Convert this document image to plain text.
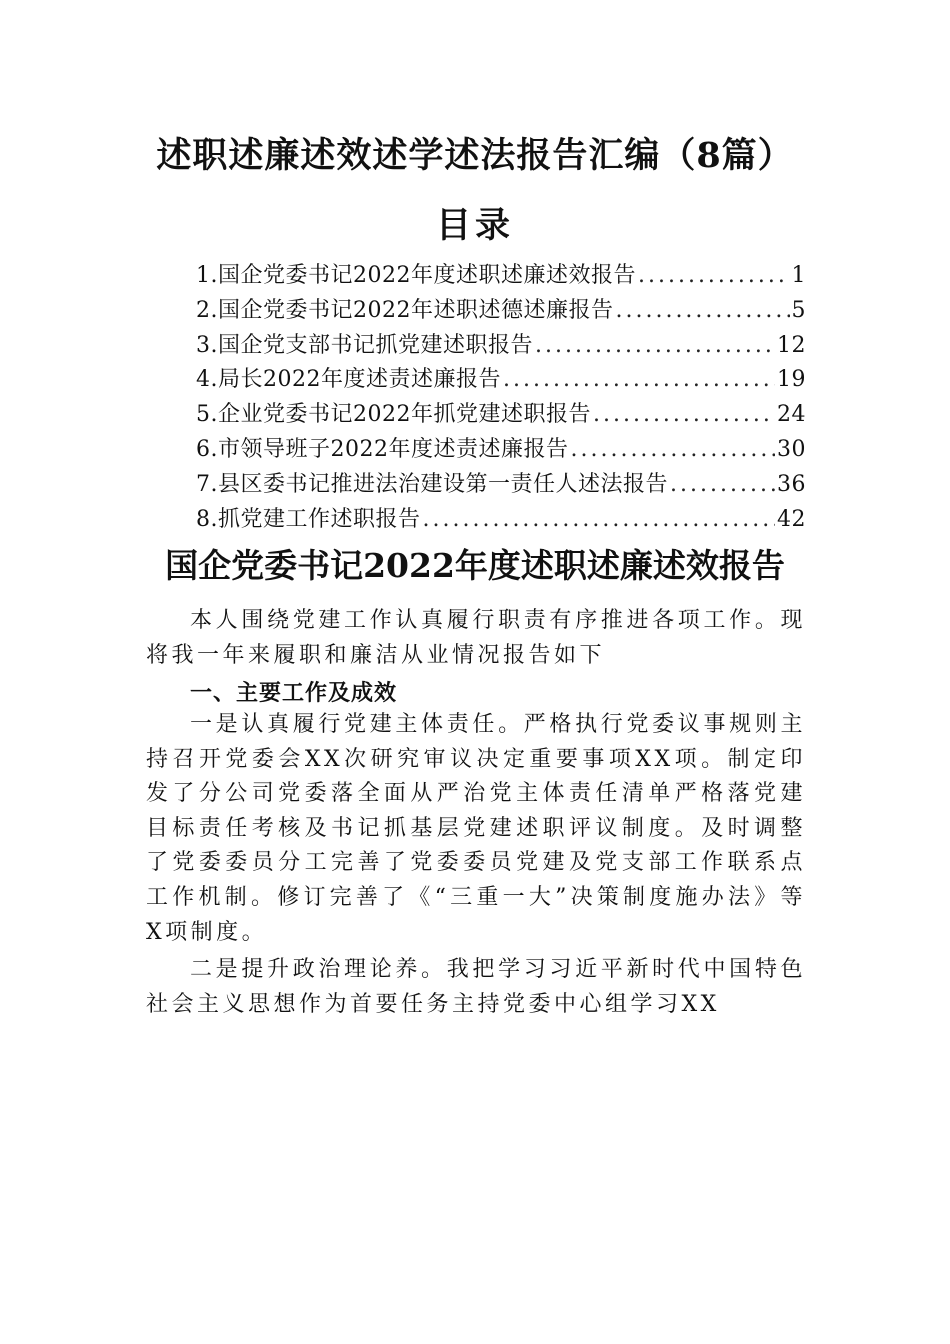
述职述廉述效述学述法报告汇编（8篇）
目录
1.国企党委书记2022年度述职述廉述效报告 .....	1
2.国企党委书记2022年述职述德述廉报告 .....	5
3.国企党支部书记抓党建述职报告 .....	12
4.局长2022年度述责述廉报告 .....	19
5.企业党委书记2022年抓党建述职报告 .....	24
6.市领导班子2022年度述责述廉报告 .....	30
7.县区委书记推进法治建设第一责任人述法报告 .....	36
8.抓党建工作述职报告 .....	42
国企党委书记2022年度述职述廉述效报告

本人围绕党建工作认真履行职责有序推进各项工作。现将我一年来履职和廉洁从业情况报告如下

一、主要工作及成效

一是认真履行党建主体责任。严格执行党委议事规则主持召开党委会XX次研究审议决定重要事项XX项。制定印发了分公司党委落全面从严治党主体责任清单严格落党建目标责任考核及书记抓基层党建述职评议制度。及时调整了党委委员分工完善了党委委员党建及党支部工作联系点工作机制。修订完善了《“三重一大”决策制度施办法》等X项制度。

二是提升政治理论养。我把学习习近平新时代中国特色社会主义思想作为首要任务主持党委中心组学习XX
